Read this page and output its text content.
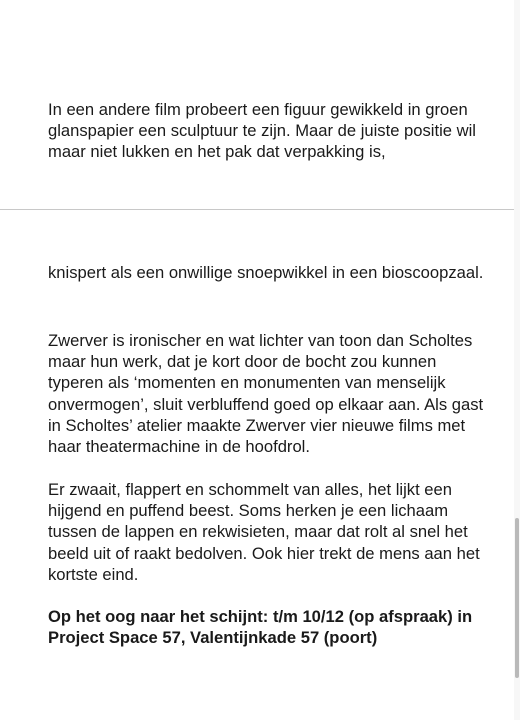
In een andere film probeert een figuur gewikkeld in groen glanspapier een sculptuur te zijn. Maar de juiste positie wil maar niet lukken en het pak dat verpakking is,

knispert als een onwillige snoepwikkel in een bioscoopzaal.

Zwerver is ironischer en wat lichter van toon dan Scholtes maar hun werk, dat je kort door de bocht zou kunnen typeren als ‘momenten en monumenten van menselijk onvermogen’, sluit verbluffend goed op elkaar aan. Als gast in Scholtes’ atelier maakte Zwerver vier nieuwe films met haar theatermachine in de hoofdrol.

Er zwaait, flappert en schommelt van alles, het lijkt een hijgend en puffend beest. Soms herken je een lichaam tussen de lappen en rekwisieten, maar dat rolt al snel het beeld uit of raakt bedolven. Ook hier trekt de mens aan het kortste eind.

Op het oog naar het schijnt: t/m 10/12 (op afspraak) in Project Space 57, Valentijnkade 57 (poort)
